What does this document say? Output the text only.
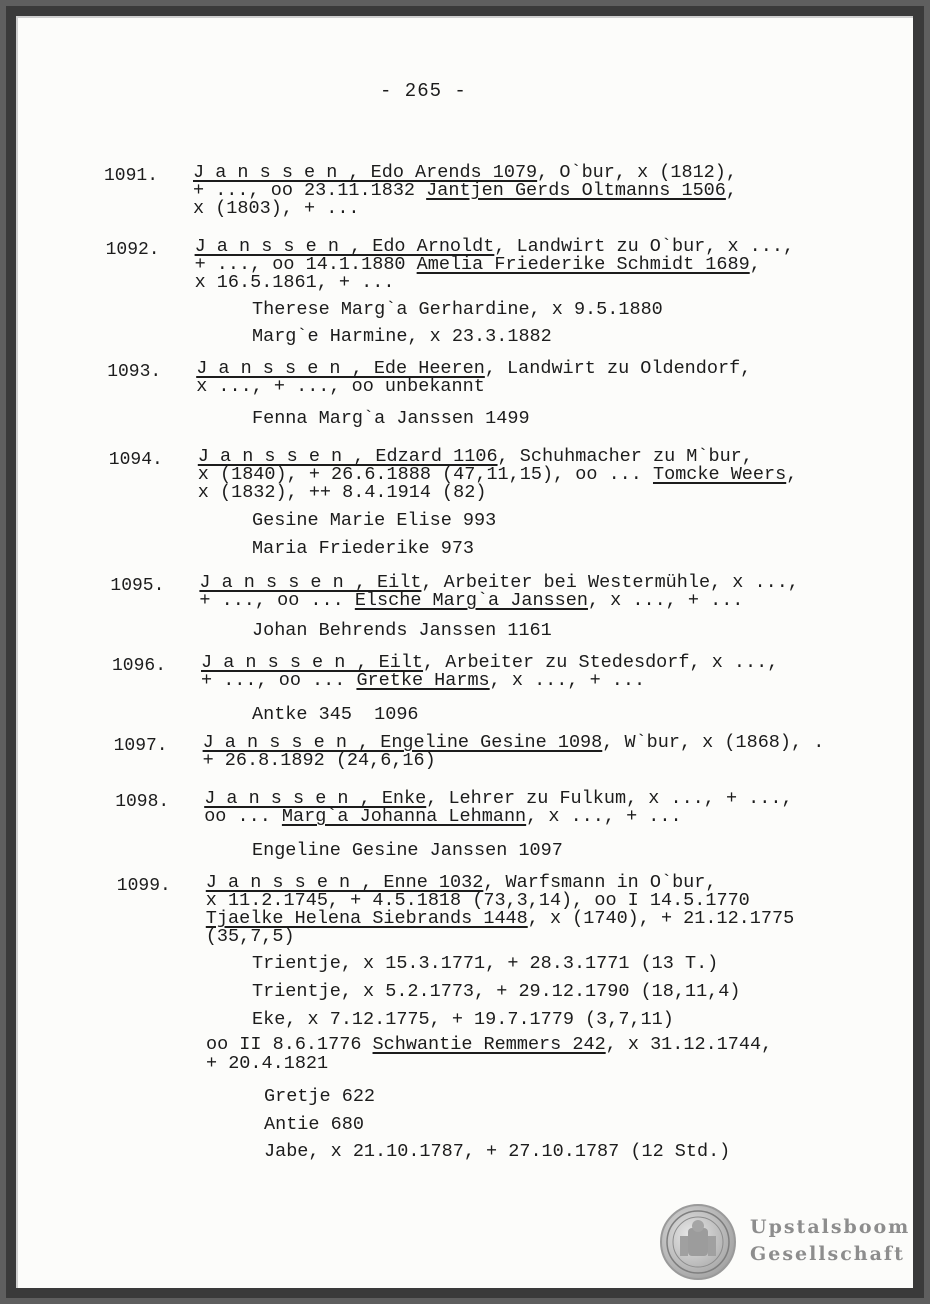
- 265 -
1091. J a n s s e n , Edo Arends 1079, O`bur, x (1812),
+ ..., oo 23.11.1832 Jantjen Gerds Oltmanns 1506,
x (1803), + ...
1092. J a n s s e n , Edo Arnoldt, Landwirt zu O`bur, x ...,
+ ..., oo 14.1.1880 Amelia Friederike Schmidt 1689,
x 16.5.1861, + ...
Therese Marg`a Gerhardine, x 9.5.1880
Marg`e Harmine, x 23.3.1882
1093. J a n s s e n , Ede Heeren, Landwirt zu Oldendorf,
x ..., + ..., oo unbekannt
Fenna Marg`a Janssen 1499
1094. J a n s s e n , Edzard 1106, Schuhmacher zu M`bur,
x (1840), + 26.6.1888 (47,11,15), oo ... Tomcke Weers,
x (1832), ++ 8.4.1914 (82)
Gesine Marie Elise 993
Maria Friederike 973
1095. J a n s s e n , Eilt, Arbeiter bei Westermühle, x ...,
+ ..., oo ... Elsche Marg`a Janssen, x ..., + ...
Johan Behrends Janssen 1161
1096. J a n s s e n , Eilt, Arbeiter zu Stedesdorf, x ...,
+ ..., oo ... Gretke Harms, x ..., + ...
Antke 345  1096
1097. J a n s s e n , Engeline Gesine 1098, W`bur, x (1868), .
+ 26.8.1892 (24,6,16)
1098. J a n s s e n , Enke, Lehrer zu Fulkum, x ..., + ...,
oo ... Marg`a Johanna Lehmann, x ..., + ...
Engeline Gesine Janssen 1097
1099. J a n s s e n , Enne 1032, Warfsmann in O`bur,
x 11.2.1745, + 4.5.1818 (73,3,14), oo I 14.5.1770
Tjaelke Helena Siebrands 1448, x (1740), + 21.12.1775
(35,7,5)
Trientje, x 15.3.1771, + 28.3.1771 (13 T.)
Trientje, x 5.2.1773, + 29.12.1790 (18,11,4)
Eke, x 7.12.1775, + 19.7.1779 (3,7,11)
oo II 8.6.1776 Schwantie Remmers 242, x 31.12.1744,
+ 20.4.1821
Gretje 622
Antie 680
Jabe, x 21.10.1787, + 27.10.1787 (12 Std.)
Upstalsboom
Gesellschaft
